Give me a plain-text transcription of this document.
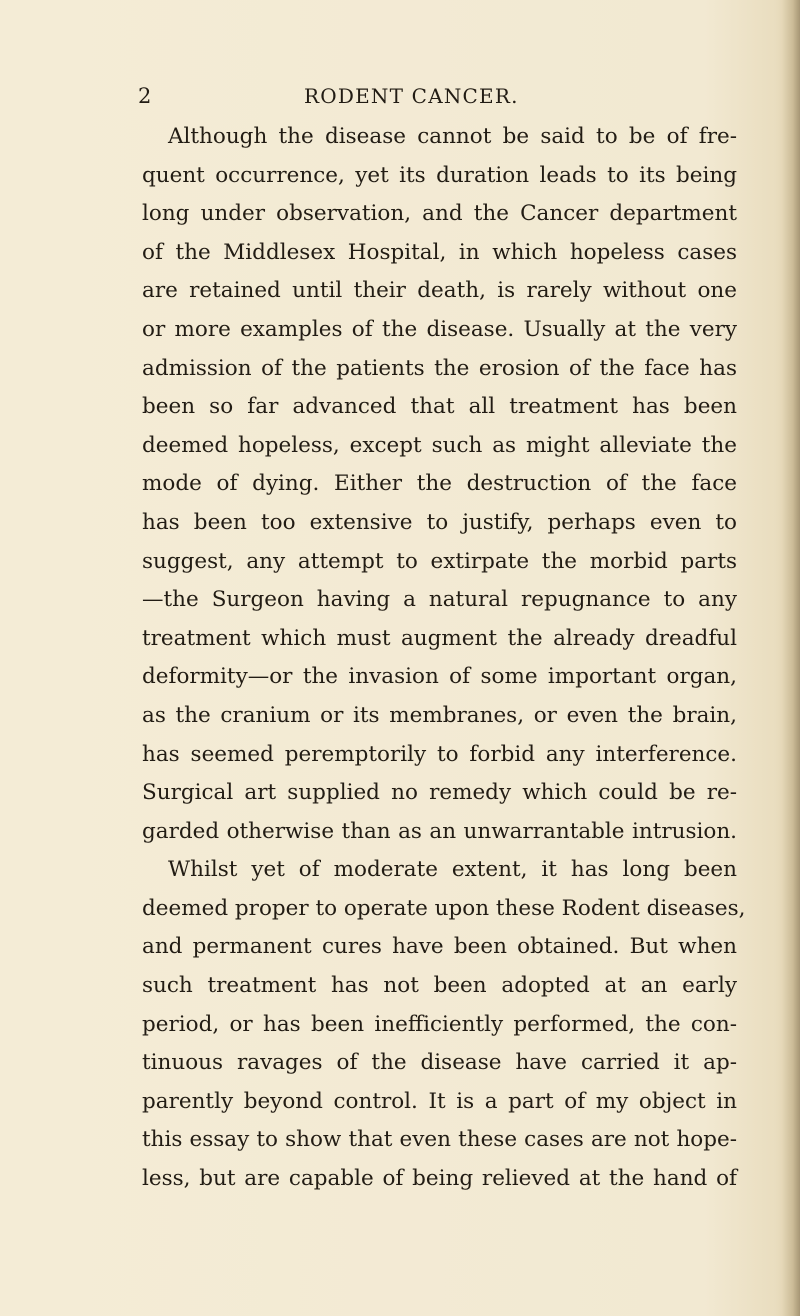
2	RODENT CANCER.
Although the disease cannot be said to be of fre-
quent occurrence, yet its duration leads to its being
long under observation, and the Cancer department
of the Middlesex Hospital, in which hopeless cases
are retained until their death, is rarely without one
or more examples of the disease. Usually at the very
admission of the patients the erosion of the face has
been so far advanced that all treatment has been
deemed hopeless, except such as might alleviate the
mode of dying. Either the destruction of the face
has been too extensive to justify, perhaps even to
suggest, any attempt to extirpate the morbid parts
—the Surgeon having a natural repugnance to any
treatment which must augment the already dreadful
deformity—or the invasion of some important organ,
as the cranium or its membranes, or even the brain,
has seemed peremptorily to forbid any interference.
Surgical art supplied no remedy which could be re-
garded otherwise than as an unwarrantable intrusion.
Whilst yet of moderate extent, it has long been
deemed proper to operate upon these Rodent diseases,
and permanent cures have been obtained. But when
such treatment has not been adopted at an early
period, or has been inefficiently performed, the con-
tinuous ravages of the disease have carried it ap-
parently beyond control. It is a part of my object in
this essay to show that even these cases are not hope-
less, but are capable of being relieved at the hand of
